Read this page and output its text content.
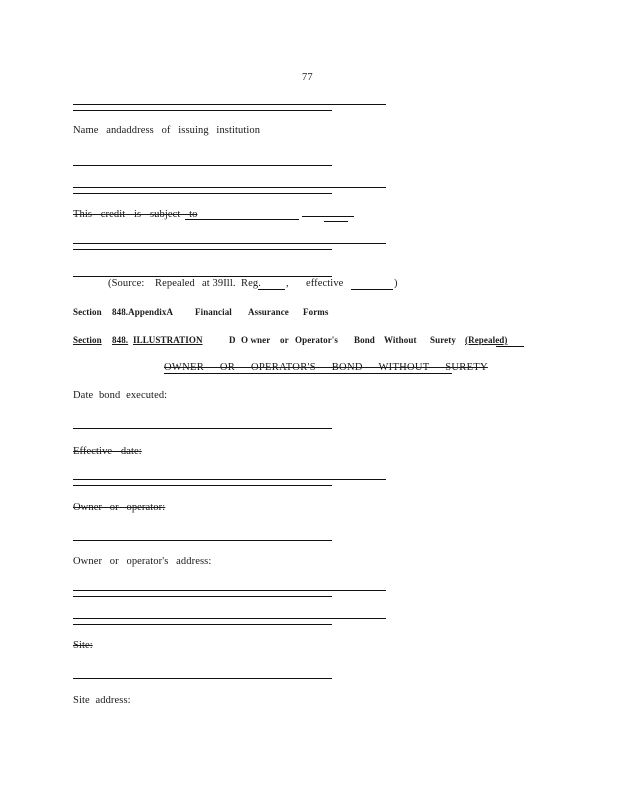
77
Name andaddress of issuing institution
This credit is subject to
(Source: Repealed at 39Ill. Reg. , effective	)
Section 848.AppendixA Financial Assurance Forms
Section 848. ILLUSTRATION	D O wner or Operator's Bond Without Surety (Repealed)
OWNER OR OPERATOR'S BOND WITHOUT SURETY
Date bond executed:
Effective date:
Owner or operator:
Owner or operator's address:
Site:
Site address:
